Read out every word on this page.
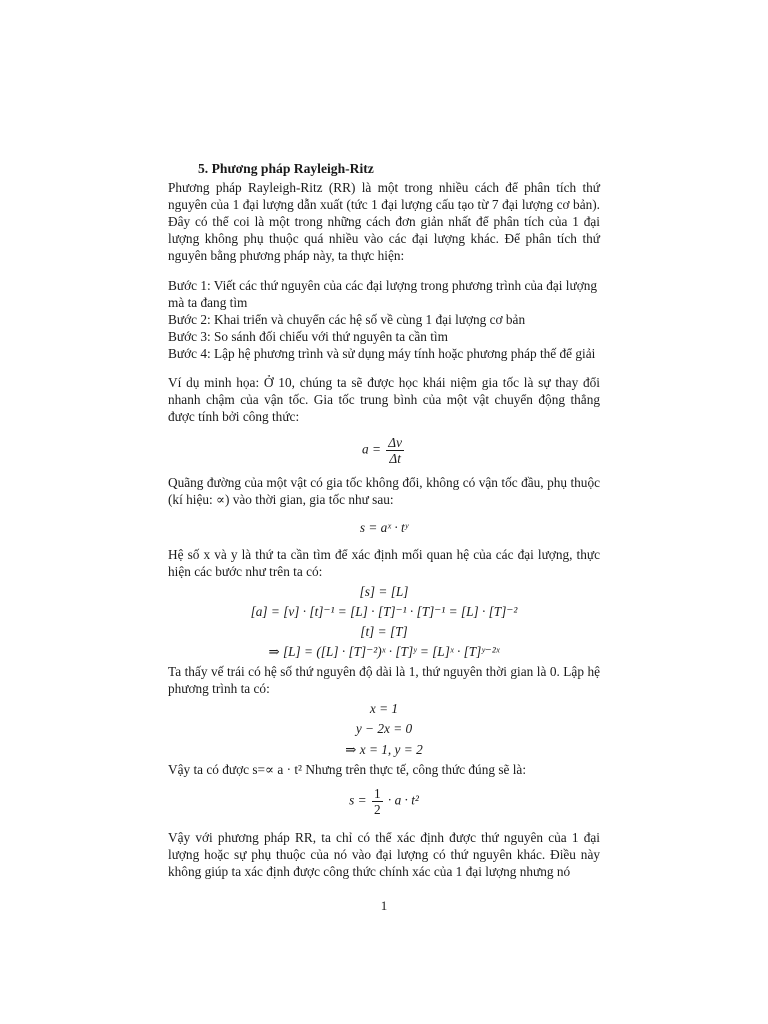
5. Phương pháp Rayleigh-Ritz

Phương pháp Rayleigh-Ritz (RR) là một trong nhiều cách để phân tích thứ nguyên của 1 đại lượng dẫn xuất (tức 1 đại lượng cấu tạo từ 7 đại lượng cơ bản). Đây có thể coi là một trong những cách đơn giản nhất để phân tích của 1 đại lượng không phụ thuộc quá nhiều vào các đại lượng khác. Để phân tích thứ nguyên bằng phương pháp này, ta thực hiện:

Bước 1: Viết các thứ nguyên của các đại lượng trong phương trình của đại lượng mà ta đang tìm

Bước 2: Khai triển và chuyển các hệ số về cùng 1 đại lượng cơ bản

Bước 3: So sánh đối chiếu với thứ nguyên ta cần tìm

Bước 4: Lập hệ phương trình và sử dụng máy tính hoặc phương pháp thế để giải

Ví dụ minh họa: Ở 10, chúng ta sẽ được học khái niệm gia tốc là sự thay đổi nhanh chậm của vận tốc. Gia tốc trung bình của một vật chuyển động thẳng được tính bởi công thức:

$a = \frac{\Delta v}{\Delta t}$

Quãng đường của một vật có gia tốc không đổi, không có vận tốc đầu, phụ thuộc (kí hiệu: ∝) vào thời gian, gia tốc như sau:

s = aˣ · tʸ

Hệ số x và y là thứ ta cần tìm để xác định mối quan hệ của các đại lượng, thực hiện các bước như trên ta có:

[s] = [L]
[a] = [v] · [t]⁻¹ = [L] · [T]⁻¹ · [T]⁻¹ = [L] · [T]⁻²
[t] = [T]
⇒ [L] = ([L] · [T]⁻²)ˣ · [T]ʸ = [L]ˣ · [T]ʸ⁻²ˣ

Ta thấy vế trái có hệ số thứ nguyên độ dài là 1, thứ nguyên thời gian là 0. Lập hệ phương trình ta có:

x = 1
y − 2x = 0
⇒ x = 1, y = 2

Vậy ta có được s=∝ a · t² Nhưng trên thực tế, công thức đúng sẽ là:

$s = \frac{1}{2} \cdot a \cdot t^2$

Vậy với phương pháp RR, ta chỉ có thể xác định được thứ nguyên của 1 đại lượng hoặc sự phụ thuộc của nó vào đại lượng có thứ nguyên khác. Điều này không giúp ta xác định được công thức chính xác của 1 đại lượng nhưng nó

1
